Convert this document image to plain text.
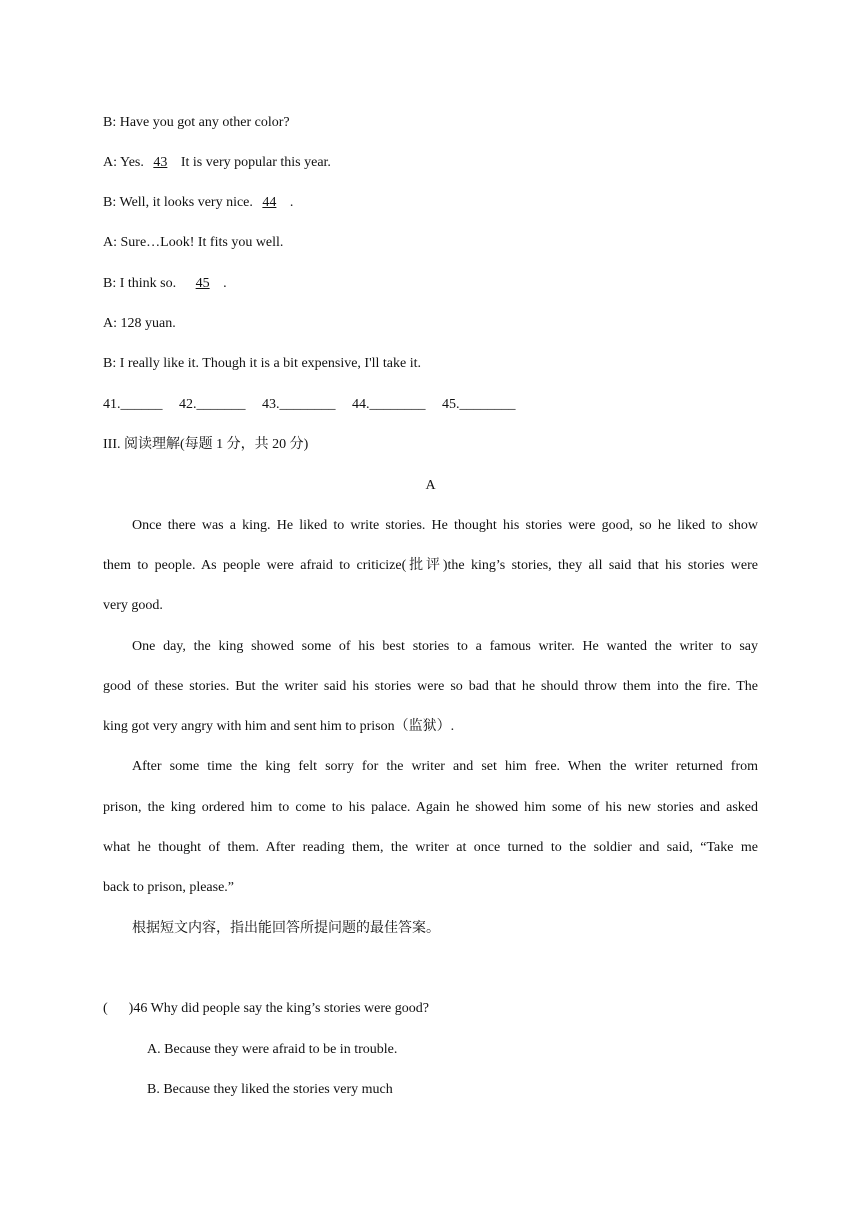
B: Have you got any other color?
A: Yes. 43 It is very popular this year.
B: Well, it looks very nice. 44 .
A: Sure…Look! It fits you well.
B: I think so. 45 .
A: 128 yuan.
B: I really like it. Though it is a bit expensive, I'll take it.
41.______ 42._______ 43.________ 44.________ 45.________
III. 阅读理解(每题 1 分，共 20 分)
A
Once there was a king. He liked to write stories. He thought his stories were good, so he liked to show
them to people. As people were afraid to criticize(批评)the king’s stories, they all said that his stories were
very good.
One day, the king showed some of his best stories to a famous writer. He wanted the writer to say
good of these stories. But the writer said his stories were so bad that he should throw them into the fire. The
king got very angry with him and sent him to prison（监狱）.
After some time the king felt sorry for the writer and set him free. When the writer returned from
prison, the king ordered him to come to his palace. Again he showed him some of his new stories and asked
what he thought of them. After reading them, the writer at once turned to the soldier and said, “Take me
back to prison, please.”
根据短文内容，指出能回答所提问题的最佳答案。
(      )46 Why did people say the king’s stories were good?
A. Because they were afraid to be in trouble.
B. Because they liked the stories very much
